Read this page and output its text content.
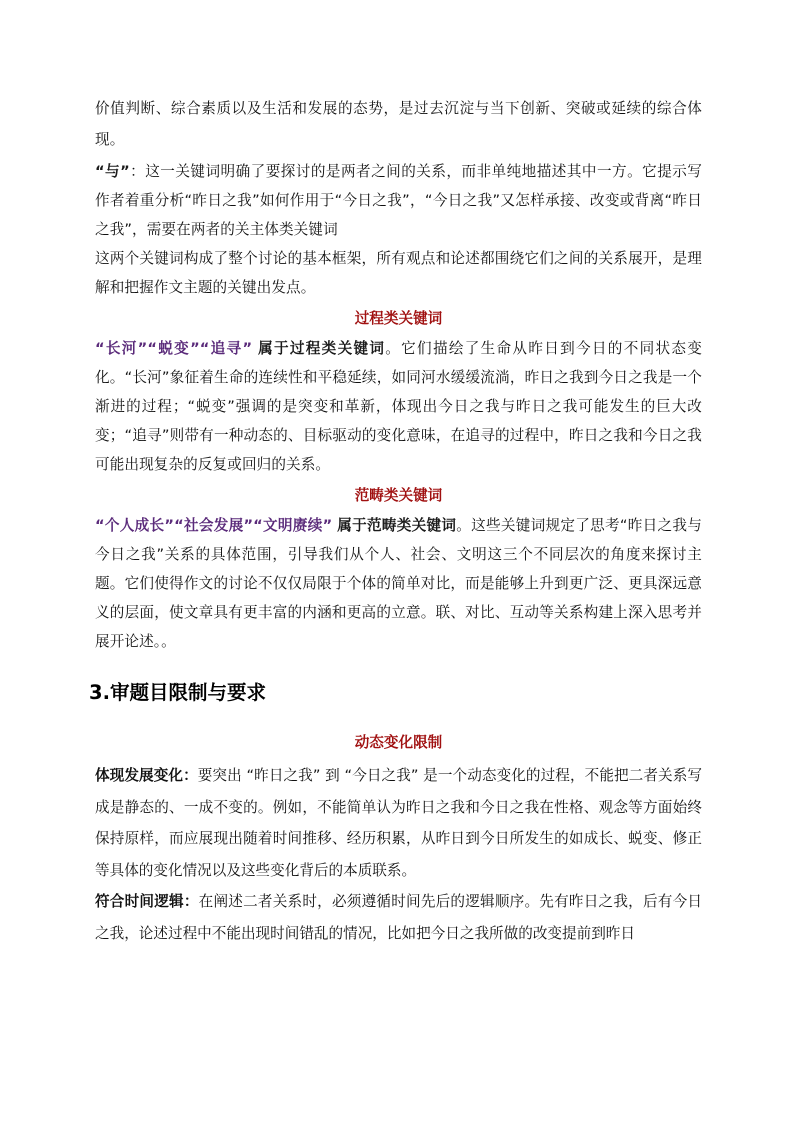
价值判断、综合素质以及生活和发展的态势，是过去沉淀与当下创新、突破或延续的综合体现。

“与”：这一关键词明确了要探讨的是两者之间的关系，而非单纯地描述其中一方。它提示写作者着重分析“昨日之我”如何作用于“今日之我”，“今日之我”又怎样承接、改变或背离“昨日之我”，需要在两者的关主体类关键词

这两个关键词构成了整个讨论的基本框架，所有观点和论述都围绕它们之间的关系展开，是理解和把握作文主题的关键出发点。

过程类关键词

“长河”“蜕变”“追寻” 属于过程类关键词。它们描绘了生命从昨日到今日的不同状态变化。“长河”象征着生命的连续性和平稳延续，如同河水缓缓流淌，昨日之我到今日之我是一个渐进的过程；“蜕变”强调的是突变和革新，体现出今日之我与昨日之我可能发生的巨大改变；“追寻”则带有一种动态的、目标驱动的变化意味，在追寻的过程中，昨日之我和今日之我可能出现复杂的反复或回归的关系。

范畴类关键词

“个人成长”“社会发展”“文明赓续” 属于范畴类关键词。这些关键词规定了思考“昨日之我与今日之我”关系的具体范围，引导我们从个人、社会、文明这三个不同层次的角度来探讨主题。它们使得作文的讨论不仅仅局限于个体的简单对比，而是能够上升到更广泛、更具深远意义的层面，使文章具有更丰富的内涵和更高的立意。联、对比、互动等关系构建上深入思考并展开论述。。

3.审题目限制与要求

动态变化限制

体现发展变化：要突出 “昨日之我” 到 “今日之我” 是一个动态变化的过程，不能把二者关系写成是静态的、一成不变的。例如，不能简单认为昨日之我和今日之我在性格、观念等方面始终保持原样，而应展现出随着时间推移、经历积累，从昨日到今日所发生的如成长、蜕变、修正等具体的变化情况以及这些变化背后的本质联系。

符合时间逻辑：在阐述二者关系时，必须遵循时间先后的逻辑顺序。先有昨日之我，后有今日之我，论述过程中不能出现时间错乱的情况，比如把今日之我所做的改变提前到昨日
